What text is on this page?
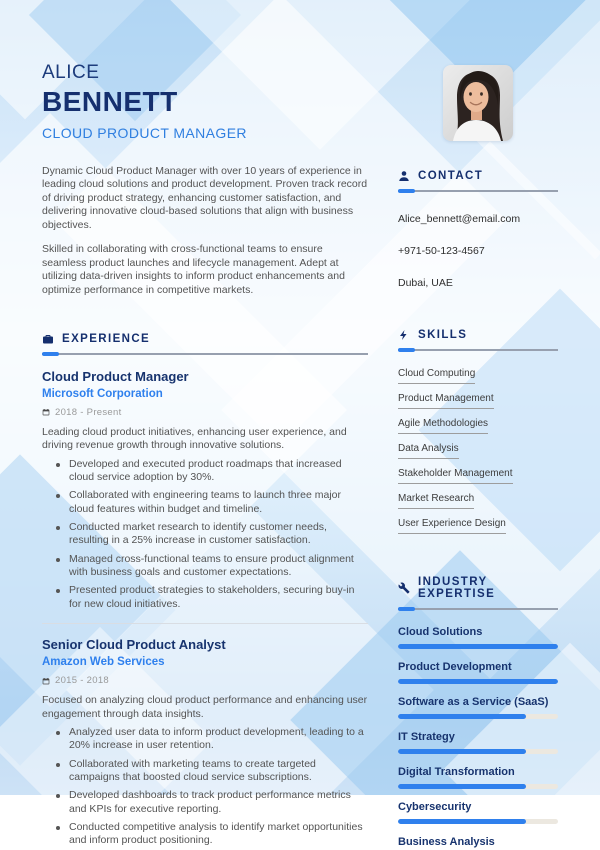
ALICE
BENNETT
CLOUD PRODUCT MANAGER

Dynamic Cloud Product Manager with over 10 years of experience in leading cloud solutions and product development. Proven track record of driving product strategy, enhancing customer satisfaction, and delivering innovative cloud-based solutions that align with business objectives.

Skilled in collaborating with cross-functional teams to ensure seamless product launches and lifecycle management. Adept at utilizing data-driven insights to inform product enhancements and optimize performance in competitive markets.

EXPERIENCE
Cloud Product Manager
Microsoft Corporation
2018 - Present

Leading cloud product initiatives, enhancing user experience, and driving revenue growth through innovative solutions.

Developed and executed product roadmaps that increased cloud service adoption by 30%.
Collaborated with engineering teams to launch three major cloud features within budget and timeline.
Conducted market research to identify customer needs, resulting in a 25% increase in customer satisfaction.
Managed cross-functional teams to ensure product alignment with business goals and customer expectations.
Presented product strategies to stakeholders, securing buy-in for new cloud initiatives.
Senior Cloud Product Analyst
Amazon Web Services
2015 - 2018

Focused on analyzing cloud product performance and enhancing user engagement through data insights.

Analyzed user data to inform product development, leading to a 20% increase in user retention.
Collaborated with marketing teams to create targeted campaigns that boosted cloud service subscriptions.
Developed dashboards to track product performance metrics and KPIs for executive reporting.
Conducted competitive analysis to identify market opportunities and inform product positioning.
CONTACT
Alice_bennett@email.com
+971-50-123-4567
Dubai, UAE
SKILLS
Cloud Computing
Product Management
Agile Methodologies
Data Analysis
Stakeholder Management
Market Research
User Experience Design
INDUSTRY EXPERTISE
Cloud Solutions
Product Development
Software as a Service (SaaS)
IT Strategy
Digital Transformation
Cybersecurity
Business Analysis
